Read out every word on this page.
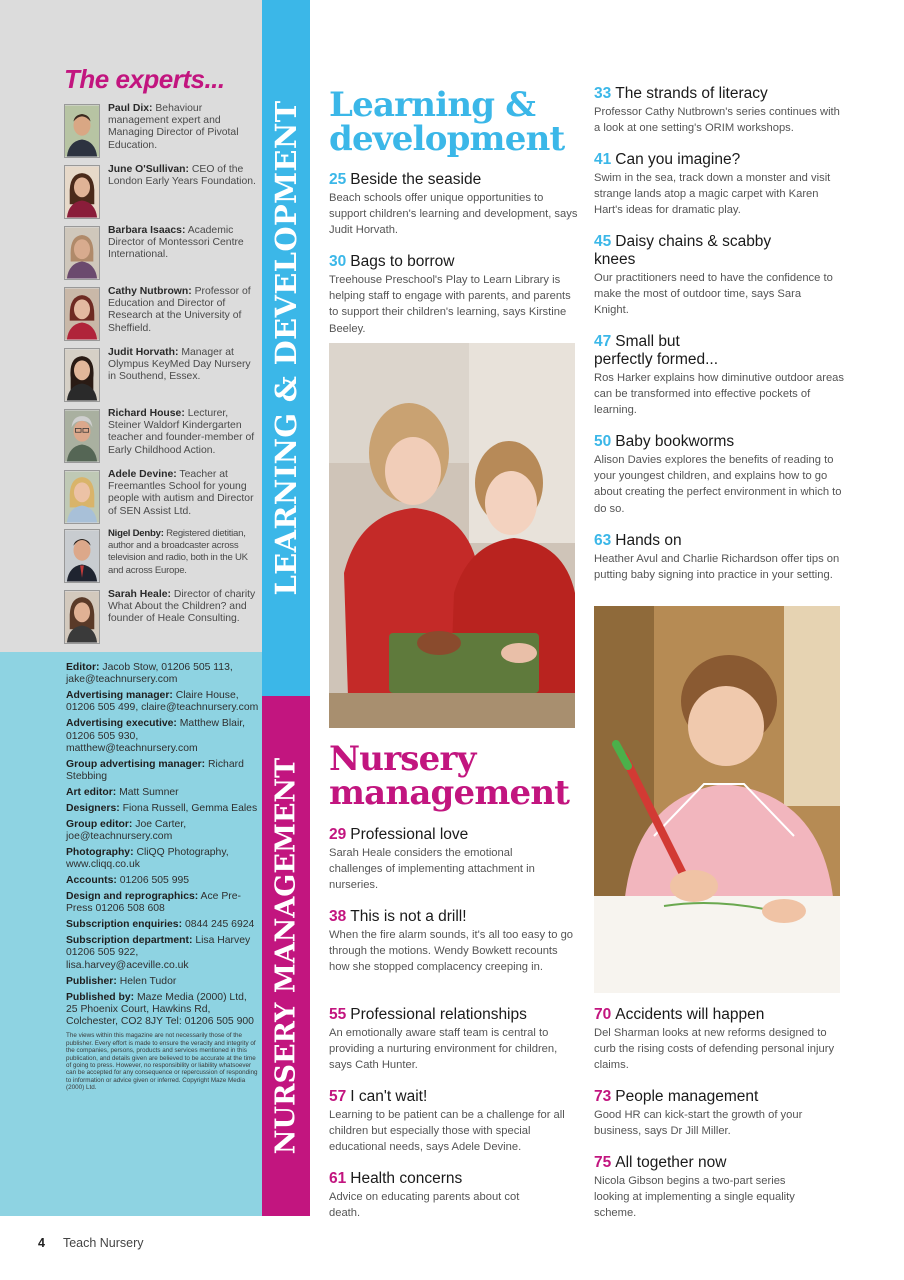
The experts...
Paul Dix: Behaviour management expert and Managing Director of Pivotal Education.
June O'Sullivan: CEO of the London Early Years Foundation.
Barbara Isaacs: Academic Director of Montessori Centre International.
Cathy Nutbrown: Professor of Education and Director of Research at the University of Sheffield.
Judit Horvath: Manager at Olympus KeyMed Day Nursery in Southend, Essex.
Richard House: Lecturer, Steiner Waldorf Kindergarten teacher and founder-member of Early Childhood Action.
Adele Devine: Teacher at Freemantles School for young people with autism and Director of SEN Assist Ltd.
Nigel Denby: Registered dietitian, author and a broadcaster across television and radio, both in the UK and across Europe.
Sarah Heale: Director of charity What About the Children? and founder of Heale Consulting.
Editor: Jacob Stow, 01206 505 113, jake@teachnursery.com
Advertising manager: Claire House, 01206 505 499, claire@teachnursery.com
Advertising executive: Matthew Blair, 01206 505 930, matthew@teachnursery.com
Group advertising manager: Richard Stebbing
Art editor: Matt Sumner
Designers: Fiona Russell, Gemma Eales
Group editor: Joe Carter, joe@teachnursery.com
Photography: CliQQ Photography, www.cliqq.co.uk
Accounts: 01206 505 995
Design and reprographics: Ace Pre-Press 01206 508 608
Subscription enquiries: 0844 245 6924
Subscription department: Lisa Harvey 01206 505 922, lisa.harvey@aceville.co.uk
Publisher: Helen Tudor
Published by: Maze Media (2000) Ltd, 25 Phoenix Court, Hawkins Rd, Colchester, CO2 8JY Tel: 01206 505 900
The views within this magazine are not necessarily those of the publisher. Every effort is made to ensure the veracity and integrity of the companies, persons, products and services mentioned in this publication, and details given are believed to be accurate at the time of going to press. However, no responsibility or liability whatsoever can be accepted for any consequence or repercussion of responding to information or advice given or inferred. Copyright Maze Media (2000) Ltd.
LEARNING & DEVELOPMENT
NURSERY MANAGEMENT
Learning &
development
25 Beside the seaside

Beach schools offer unique opportunities to support children's learning and development, says Judit Horvath.

30 Bags to borrow

Treehouse Preschool's Play to Learn Library is helping staff to engage with parents, and parents to support their children's learning, says Kirstine Beeley.

33 The strands of literacy

Professor Cathy Nutbrown's series continues with a look at one setting's ORIM workshops.

41 Can you imagine?

Swim in the sea, track down a monster and visit strange lands atop a magic carpet with Karen Hart's ideas for dramatic play.

45 Daisy chains & scabby knees

Our practitioners need to have the confidence to make the most of outdoor time, says Sara Knight.

47 Small but perfectly formed...

Ros Harker explains how diminutive outdoor areas can be transformed into effective pockets of learning.

50 Baby bookworms

Alison Davies explores the benefits of reading to your youngest children, and explains how to go about creating the perfect environment in which to do so.

63 Hands on

Heather Avul and Charlie Richardson offer tips on putting baby signing into practice in your setting.

Nursery
management
29 Professional love

Sarah Heale considers the emotional challenges of implementing attachment in nurseries.

38 This is not a drill!

When the fire alarm sounds, it's all too easy to go through the motions. Wendy Bowkett recounts how she stopped complacency creeping in.

55 Professional relationships

An emotionally aware staff team is central to providing a nurturing environment for children, says Cath Hunter.

57 I can't wait!

Learning to be patient can be a challenge for all children but especially those with special educational needs, says Adele Devine.

61 Health concerns

Advice on educating parents about cot death.

70 Accidents will happen

Del Sharman looks at new reforms designed to curb the rising costs of defending personal injury claims.

73 People management

Good HR can kick-start the growth of your business, says Dr Jill Miller.

75 All together now

Nicola Gibson begins a two-part series looking at implementing a single equality scheme.

4 Teach Nursery
